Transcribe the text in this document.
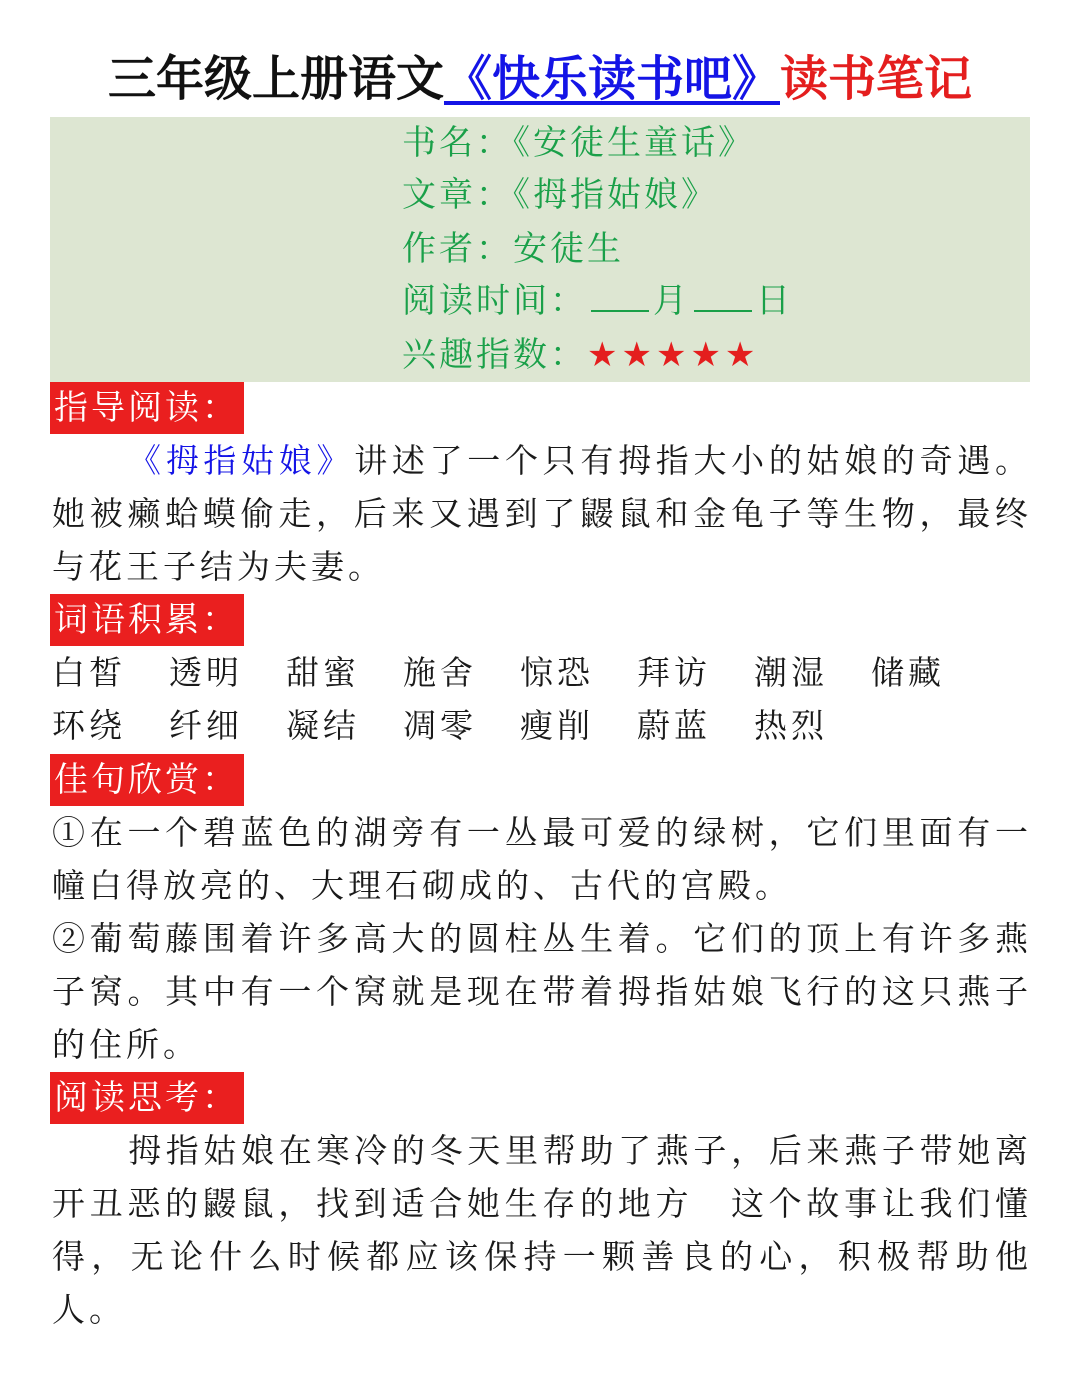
三年级上册语文《快乐读书吧》读书笔记
书名：《安徒生童话》
文章：《拇指姑娘》
作者：安徒生
阅读时间： 月 日
兴趣指数：★★★★★
指导阅读：
《拇指姑娘》讲述了一个只有拇指大小的姑娘的奇遇。她被癞蛤蟆偷走，后来又遇到了鼹鼠和金龟子等生物，最终与花王子结为夫妻。
词语积累：
白皙 透明 甜蜜 施舍 惊恐 拜访 潮湿 储藏
环绕 纤细 凝结 凋零 瘦削 蔚蓝 热烈
佳句欣赏：

①在一个碧蓝色的湖旁有一丛最可爱的绿树，它们里面有一幢白得放亮的、大理石砌成的、古代的宫殿。

②葡萄藤围着许多高大的圆柱丛生着。它们的顶上有许多燕子窝。其中有一个窝就是现在带着拇指姑娘飞行的这只燕子的住所。

阅读思考：
拇指姑娘在寒冷的冬天里帮助了燕子，后来燕子带她离开丑恶的鼹鼠，找到适合她生存的地方　这个故事让我们懂得，无论什么时候都应该保持一颗善良的心，积极帮助他人。
